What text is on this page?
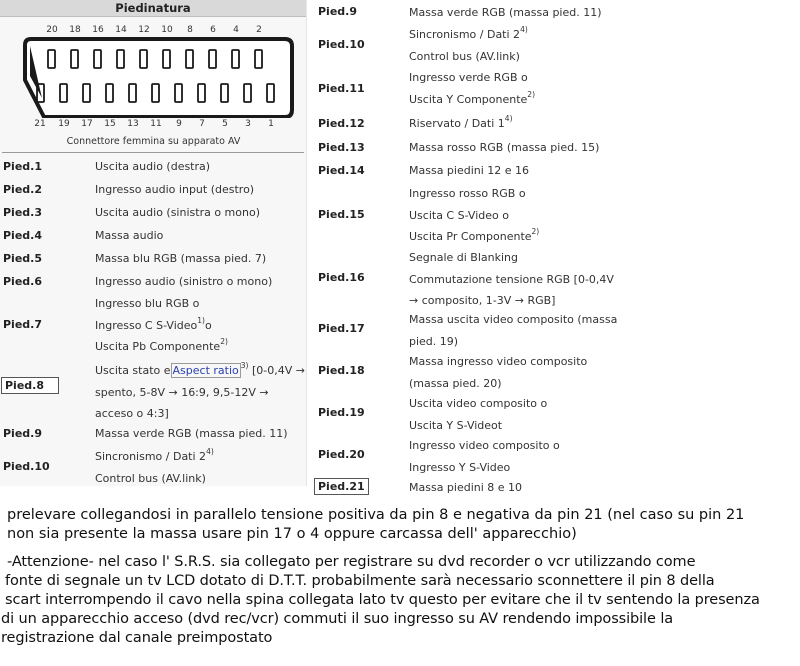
Piedinatura
20	18	16	14	12	10	8	6	4	2
21	19	17	15	13	11	9	7	5	3	1
Connettore femmina su apparato AV
Pied.1	Uscita audio (destra)
Pied.2	Ingresso audio input (destro)
Pied.3	Uscita audio (sinistra o mono)
Pied.4	Massa audio
Pied.5	Massa blu RGB (massa pied. 7)
Pied.6	Ingresso audio (sinistro o mono)
Pied.7
Ingresso blu RGB o
Ingresso C S-Video$^{1)}$o
Uscita Pb Componente$^{2)}$
Pied.8
Uscita stato e Aspect ratio $^{3)}$ [0-0,4V →
spento, 5-8V → 16:9, 9,5-12V →
acceso o 4:3]
Pied.9	Massa verde RGB (massa pied. 11)
Pied.10
Sincronismo / Dati 2$^{4)}$
Control bus (AV.link)
Pied.9	Massa verde RGB (massa pied. 11)
Pied.10
Sincronismo / Dati 2$^{4)}$
Control bus (AV.link)
Pied.11
Ingresso verde RGB o
Uscita Y Componente$^{2)}$
Pied.12	Riservato / Dati 1$^{4)}$
Pied.13	Massa rosso RGB (massa pied. 15)
Pied.14	Massa piedini 12 e 16
Pied.15
Ingresso rosso RGB o
Uscita C S-Video o
Uscita Pr Componente$^{2)}$
Pied.16
Segnale di Blanking
Commutazione tensione RGB [0-0,4V
→ composito, 1-3V → RGB]
Pied.17
Massa uscita video composito (massa
pied. 19)
Pied.18
Massa ingresso video composito
(massa pied. 20)
Pied.19
Uscita video composito o
Uscita Y S-Videot
Pied.20
Ingresso video composito o
Ingresso Y S-Video
Pied.21	Massa piedini 8 e 10
prelevare collegandosi in parallelo tensione positiva da pin 8 e negativa da pin 21 (nel caso su pin 21
non sia presente la massa usare pin 17 o 4 oppure carcassa dell' apparecchio)
-Attenzione- nel caso l' S.R.S. sia collegato per registrare su dvd recorder o vcr utilizzando come
fonte di segnale un tv LCD dotato di D.T.T. probabilmente sarà necessario sconnettere il pin 8 della
scart interrompendo il cavo nella spina collegata lato tv questo per evitare che il tv sentendo la presenza
di un apparecchio acceso (dvd rec/vcr) commuti il suo ingresso su AV rendendo impossibile la
registrazione dal canale preimpostato
